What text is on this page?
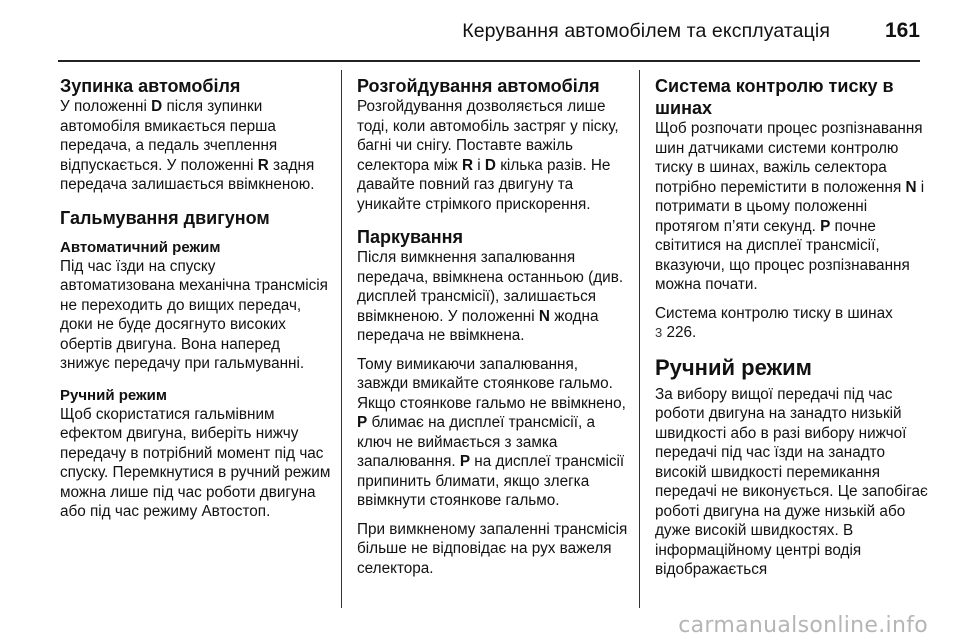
Керування автомобілем та експлуатація	161
Зупинка автомобіля

У положенні D після зупинки автомобіля вмикається перша передача, а педаль зчеплення відпускається. У положенні R задня передача залишається ввімкненою.

Гальмування двигуном
Автоматичний режим

Під час їзди на спуску автоматизована механічна трансмісія не переходить до вищих передач, доки не буде досягнуто високих обертів двигуна. Вона наперед знижує передачу при гальмуванні.

Ручний режим

Щоб скористатися гальмівним ефектом двигуна, виберіть нижчу передачу в потрібний момент під час спуску. Перемкнутися в ручний режим можна лише під час роботи двигуна або під час режиму Автостоп.

Розгойдування автомобіля

Розгойдування дозволяється лише тоді, коли автомобіль застряг у піску, багні чи снігу. Поставте важіль селектора між R і D кілька разів. Не давайте повний газ двигуну та уникайте стрімкого прискорення.

Паркування

Після вимкнення запалювання передача, ввімкнена останньою (див. дисплей трансмісії), залишається ввімкненою. У положенні N жодна передача не ввімкнена.

Тому вимикаючи запалювання, завжди вмикайте стоянкове гальмо. Якщо стоянкове гальмо не ввімкнено, P блимає на дисплеї трансмісії, а ключ не виймається з замка запалювання. P на дисплеї трансмісії припинить блимати, якщо злегка ввімкнути стоянкове гальмо.

При вимкненому запаленні трансмісія більше не відповідає на рух важеля селектора.

Система контролю тиску в шинах

Щоб розпочати процес розпізнавання шин датчиками системи контролю тиску в шинах, важіль селектора потрібно перемістити в положення N і потримати в цьому положенні протягом п’яти секунд. P почне світитися на дисплеї трансмісії, вказуючи, що процес розпізнавання можна почати.

Система контролю тиску в шинах
3 226.

Ручний режим

За вибору вищої передачі під час роботи двигуна на занадто низькій швидкості або в разі вибору нижчої передачі під час їзди на занадто високій швидкості перемикання передачі не виконується. Це запобігає роботі двигуна на дуже низькій або дуже високій швидкостях. В інформаційному центрі водія відображається

carmanualsonline.info
